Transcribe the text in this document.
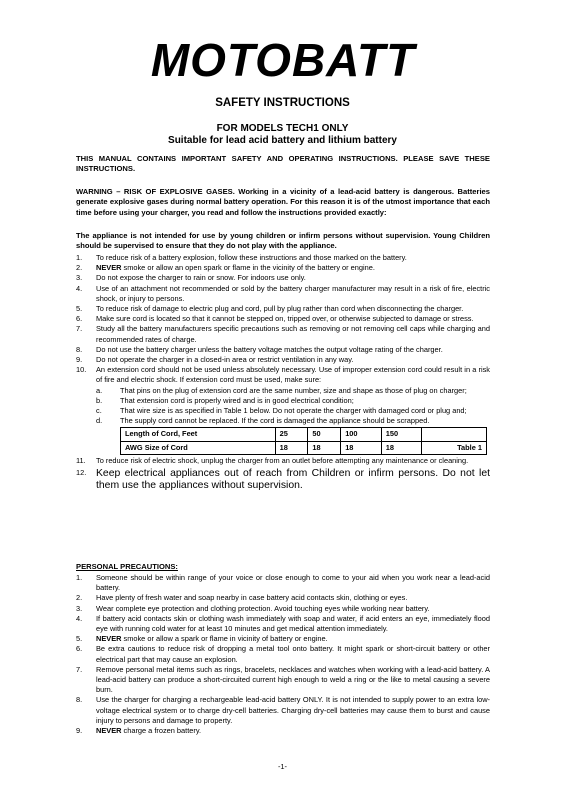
MOTOBATT
SAFETY INSTRUCTIONS
FOR MODELS TECH1 ONLY
Suitable for lead acid battery and lithium battery
THIS MANUAL CONTAINS IMPORTANT SAFETY AND OPERATING INSTRUCTIONS. PLEASE SAVE THESE INSTRUCTIONS.
WARNING – RISK OF EXPLOSIVE GASES. Working in a vicinity of a lead-acid battery is dangerous. Batteries generate explosive gases during normal battery operation. For this reason it is of the utmost importance that each time before using your charger, you read and follow the instructions provided exactly:
The appliance is not intended for use by young children or infirm persons without supervision. Young Children should be supervised to ensure that they do not play with the appliance.
1.	To reduce risk of a battery explosion, follow these instructions and those marked on the battery.
2.	NEVER smoke or allow an open spark or flame in the vicinity of the battery or engine.
3.	Do not expose the charger to rain or snow. For indoors use only.
4.	Use of an attachment not recommended or sold by the battery charger manufacturer may result in a risk of fire, electric shock, or injury to persons.
5.	To reduce risk of damage to electric plug and cord, pull by plug rather than cord when disconnecting the charger.
6.	Make sure cord is located so that it cannot be stepped on, tripped over, or otherwise subjected to damage or stress.
7.	Study all the battery manufacturers specific precautions such as removing or not removing cell caps while charging and recommended rates of charge.
8.	Do not use the battery charger unless the battery voltage matches the output voltage rating of the charger.
9.	Do not operate the charger in a closed-in area or restrict ventilation in any way.
10.	An extension cord should not be used unless absolutely necessary. Use of improper extension cord could result in a risk of fire and electric shock. If extension cord must be used, make sure:
a.	That pins on the plug of extension cord are the same number, size and shape as those of plug on charger;
b.	That extension cord is properly wired and is in good electrical condition;
c.	That wire size is as specified in Table 1 below. Do not operate the charger with damaged cord or plug and;
d.	The supply cord cannot be replaced. If the cord is damaged the appliance should be scrapped.
Length of Cord, Feet	25	50	100	150	
AWG Size of Cord	18	18	18	18	Table 1
11.	To reduce risk of electric shock, unplug the charger from an outlet before attempting any maintenance or cleaning.
12. Keep electrical appliances out of reach from Children or infirm persons. Do not let them use the appliances without supervision.
PERSONAL PRECAUTIONS:
1.	Someone should be within range of your voice or close enough to come to your aid when you work near a lead-acid battery.
2.	Have plenty of fresh water and soap nearby in case battery acid contacts skin, clothing or eyes.
3.	Wear complete eye protection and clothing protection. Avoid touching eyes while working near battery.
4.	If battery acid contacts skin or clothing wash immediately with soap and water, if acid enters an eye, immediately flood eye with running cold water for at least 10 minutes and get medical attention immediately.
5.	NEVER smoke or allow a spark or flame in vicinity of battery or engine.
6.	Be extra cautions to reduce risk of dropping a metal tool onto battery. It might spark or short-circuit battery or other electrical part that may cause an explosion.
7.	Remove personal metal items such as rings, bracelets, necklaces and watches when working with a lead-acid battery. A lead-acid battery can produce a short-circuited current high enough to weld a ring or the like to metal causing a severe burn.
8.	Use the charger for charging a rechargeable lead-acid battery ONLY. It is not intended to supply power to an extra low-voltage electrical system or to charge dry-cell batteries. Charging dry-cell batteries may cause them to burst and cause injury to persons and damage to property.
9.	NEVER charge a frozen battery.
-1-
